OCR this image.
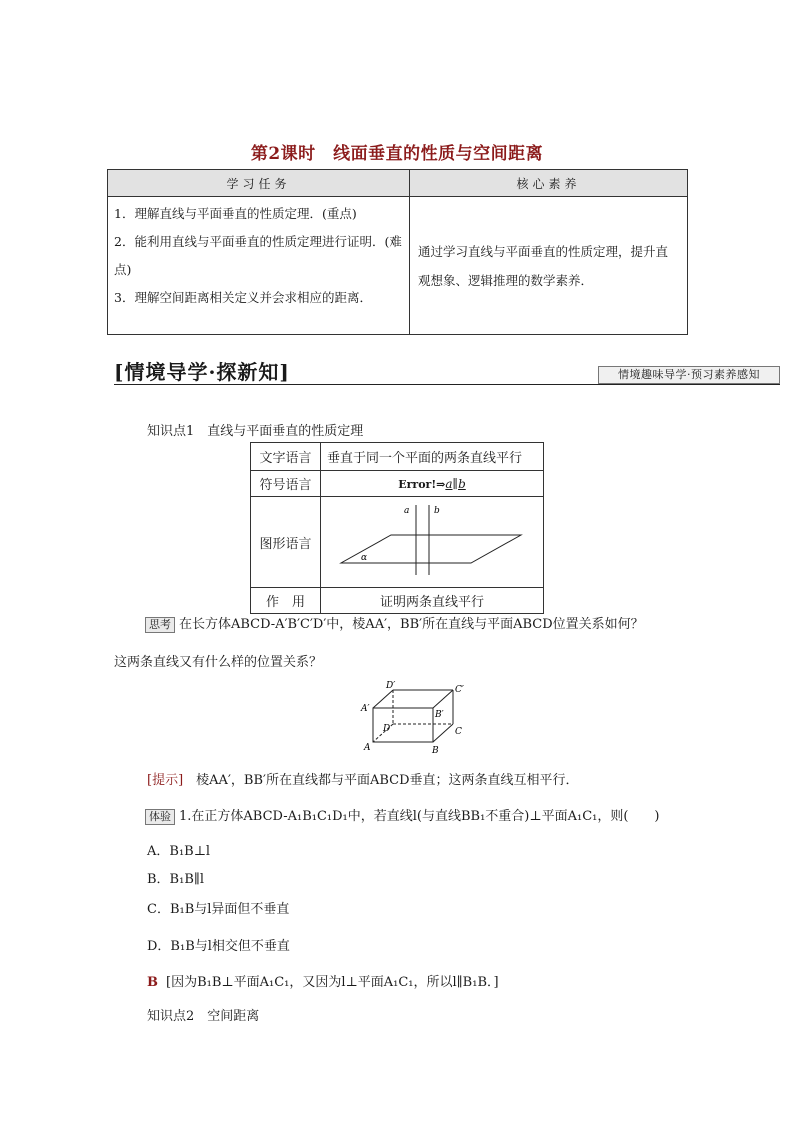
第2课时　线面垂直的性质与空间距离
学习任务	核心素养

1．理解直线与平面垂直的性质定理．(重点)
2．能利用直线与平面垂直的性质定理进行证明．(难点)
3．理解空间距离相关定义并会求相应的距离．	通过学习直线与平面垂直的性质定理，提升直观想象、逻辑推理的数学素养．
[情境导学·探新知]	情境趣味导学·预习素养感知
知识点1　直线与平面垂直的性质定理
文字语言	垂直于同一个平面的两条直线平行
符号语言	Error!⇒a∥b
图形语言	a b
α

作　用	证明两条直线平行
思考 在长方体ABCD-A′B′C′D′中，棱AA′，BB′所在直线与平面ABCD位置关系如何？
这两条直线又有什么样的位置关系？
D′	C′
A′
B′
D	C
A	B
[提示]　 棱AA′，BB′所在直线都与平面ABCD垂直；这两条直线互相平行．
体验 1.在正方体ABCD-A₁B₁C₁D₁中，若直线l(与直线BB₁不重合)⊥平面A₁C₁，则(　　)
A．B₁B⊥l
B．B₁B∥l
C．B₁B与l异面但不垂直
D．B₁B与l相交但不垂直
B [因为B₁B⊥平面A₁C₁，又因为l⊥平面A₁C₁，所以l∥B₁B．]
知识点2　空间距离
